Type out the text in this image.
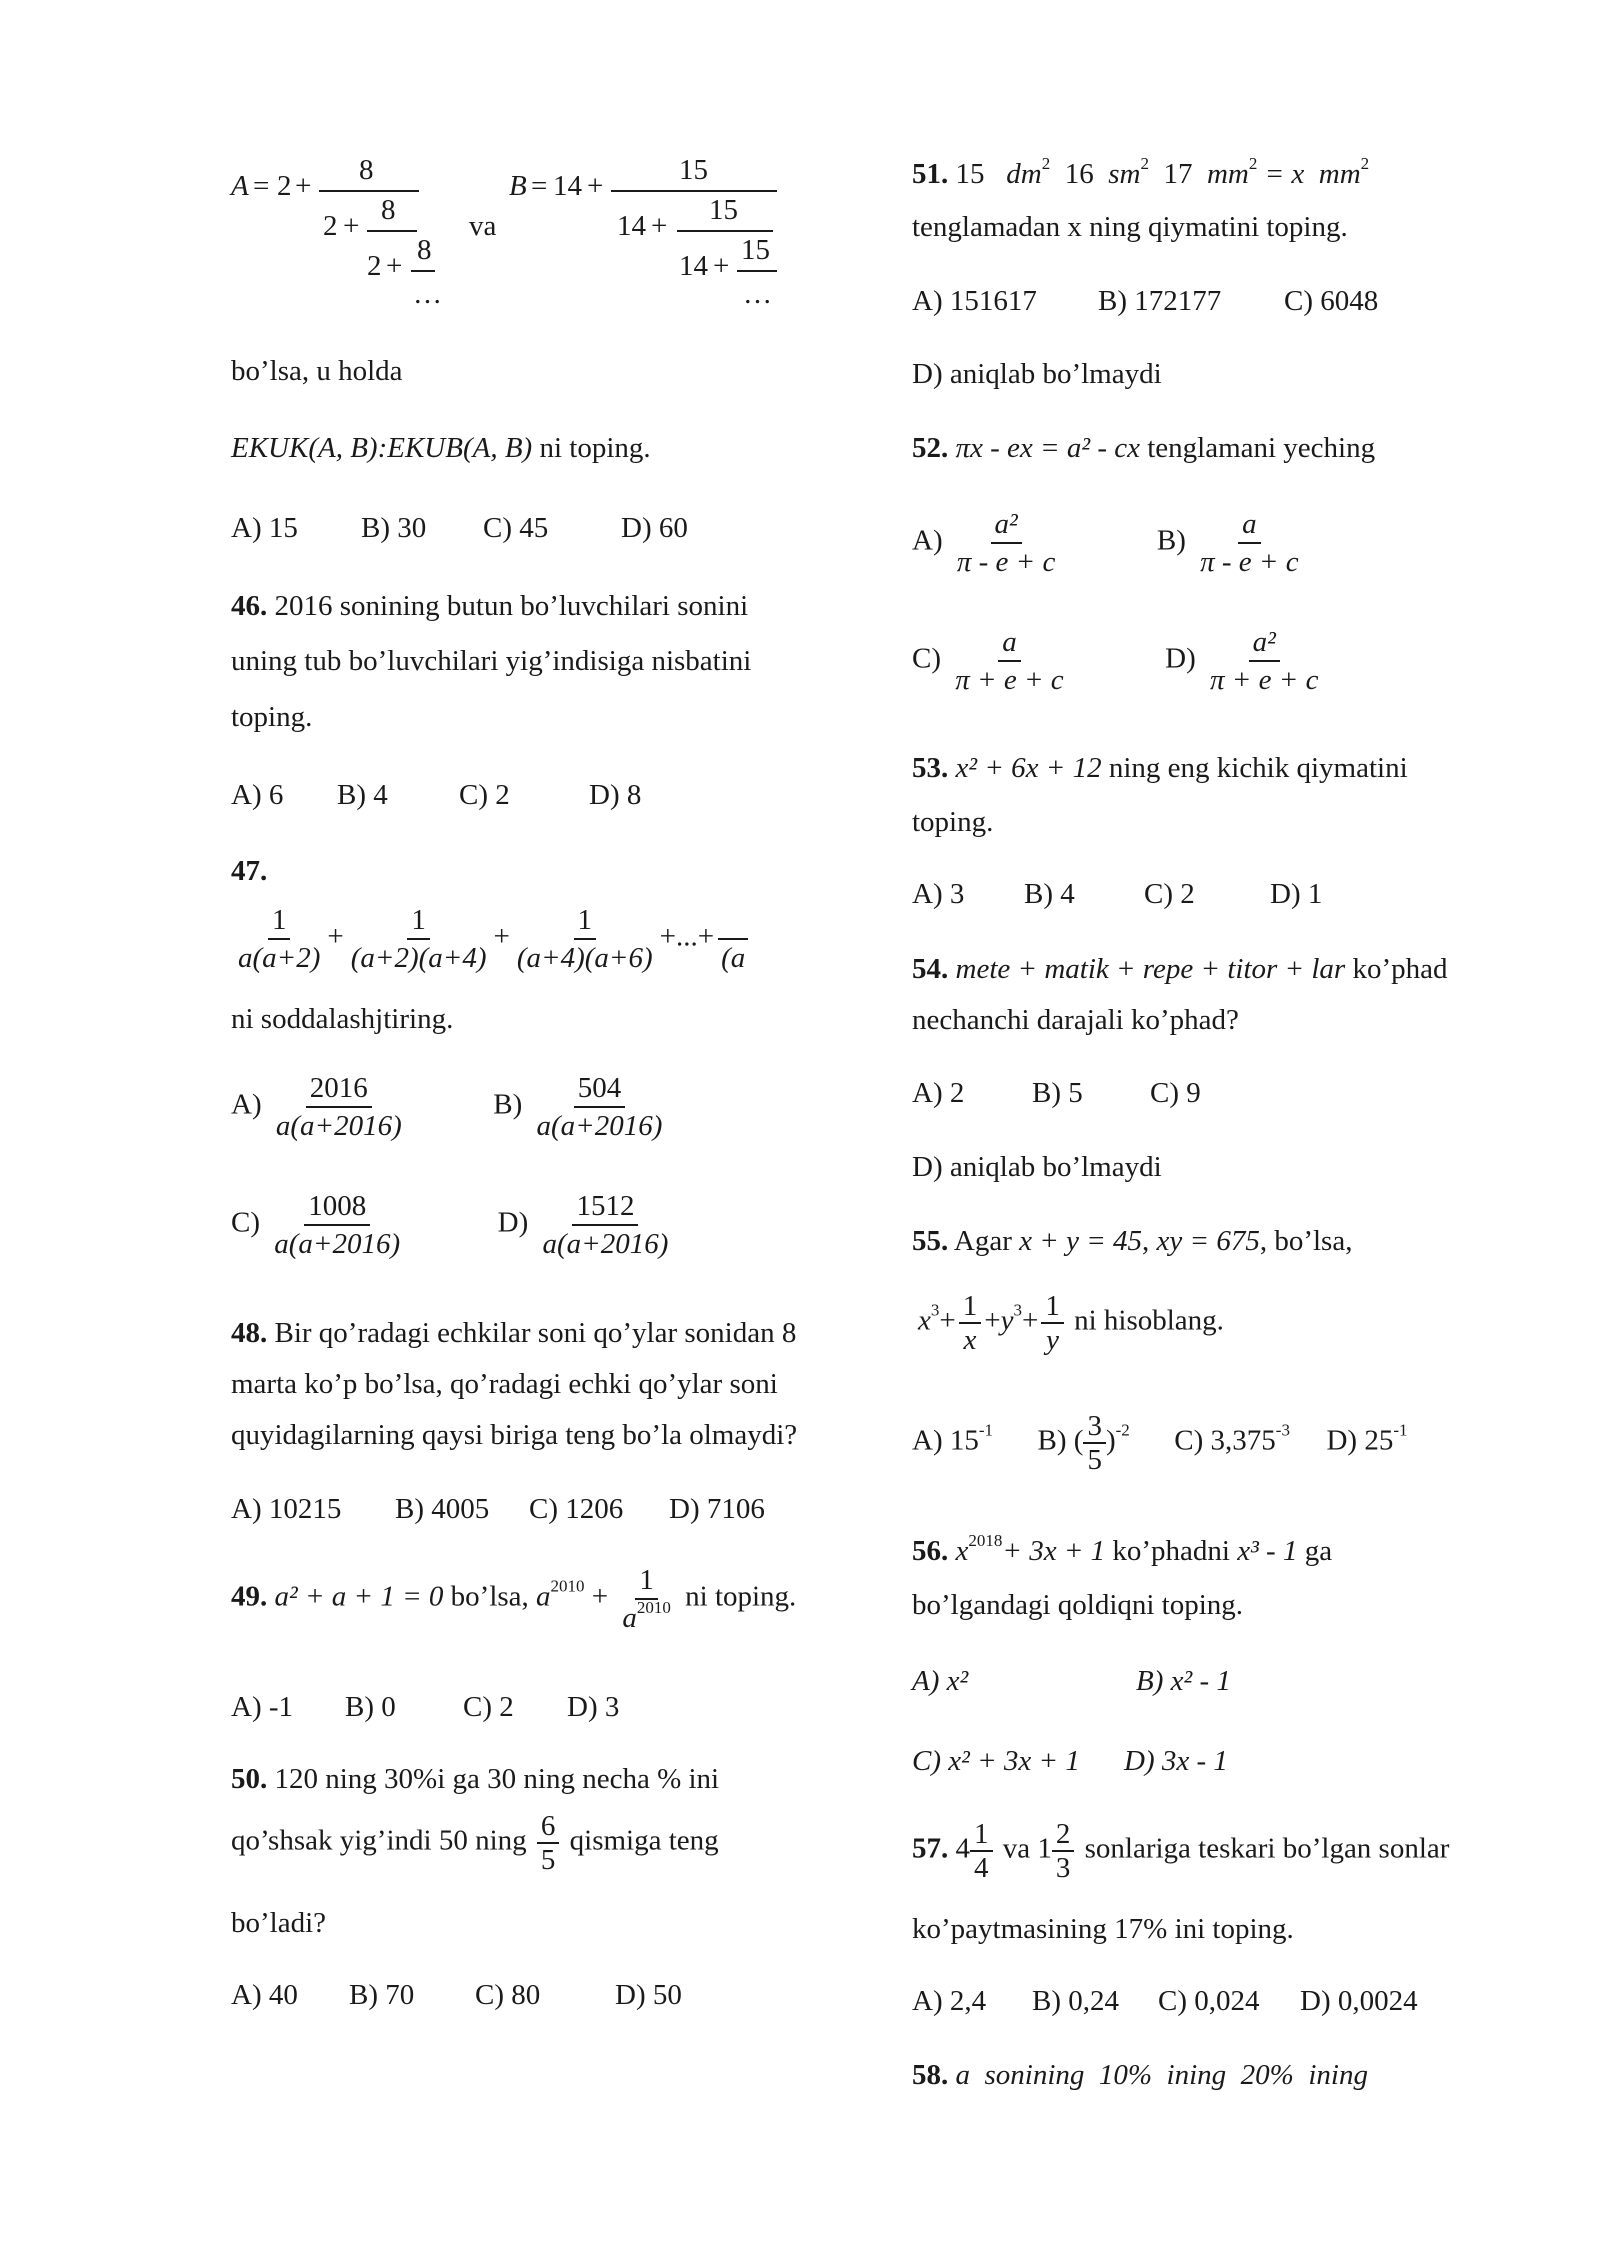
A = 2 + 8
2 + 8
2 + 8
…
va
B = 14 +	15
14 + 15
14 + 15
…
bo’lsa, u holda
EKUK(A, B):EKUB(A, B) ni toping.
A) 15	B) 30	C) 45	D) 60
46. 2016 sonining butun bo’luvchilari sonini
uning tub bo’luvchilari yig’indisiga nisbatini
toping.
A) 6	B) 4	C) 2	D) 8
47.
$\frac{1}{a(a+2)} + \frac{1}{(a+2)(a+4)} + \frac{1}{(a+4)(a+6)}$ +...+

(a
ni soddalashjtiring.
$A) \frac{2016}{a(a+2016)}$	$B) \frac{504}{a(a+2016)}$
$C) \frac{1008}{a(a+2016)}$	$D) \frac{1512}{a(a+2016)}$
48. Bir qo’radagi echkilar soni qo’ylar sonidan 8
marta ko’p bo’lsa, qo’radagi echki qo’ylar soni
quyidagilarning qaysi biriga teng bo’la olmaydi?
A) 10215	B) 4005	C) 1206	D) 7106
49. a² + a + 1 = 0 bo’lsa, $a^{2010} + \frac{1}{a^{2010}}$ ni toping.
A) -1	B) 0	C) 2	D) 3
50. 120 ning 30%i ga 30 ning necha % ini
qo’shsak yig’indi 50 ning $\frac{6}{5}$ qismiga teng
bo’ladi?
A) 40	B) 70	C) 80	D) 50
51. 15 $dm^2$ 16 $sm^2$ 17 $mm^2 = x$ $mm^2$
tenglamadan x ning qiymatini toping.
A) 151617	B) 172177	C) 6048
D) aniqlab bo’lmaydi
52. πx - ex = a² - cx tenglamani yeching
$A) \frac{\text{a²}}{\pi - e + c}$	$B) \frac{a}{\pi - e + c}$
$C) \frac{a}{\pi + e + c}$	$D) \frac{\text{a²}}{\pi + e + c}$
53. x² + 6x + 12 ning eng kichik qiymatini
toping.
A) 3	B) 4	C) 2	D) 1
54. mete + matik + repe + titor + lar ko’phad
nechanchi darajali ko’phad?
A) 2	B) 5	C) 9
D) aniqlab bo’lmaydi
55. Agar x + y = 45, xy = 675, bo’lsa,
$x^3+ \frac{1}{x} +y^3+ \frac{1}{y}$ ni hisoblang.
A) $15^{-1}$ B) ( $\frac{3}{5} )^{-2}$ C) $3,375^{-3}$ D) $25^{-1}$
56. $x^{2018}+ 3x + 1$ ko’phadni x³ - 1 ga
bo’lgandagi qoldiqni toping.
A) x²	B) x² - 1
C) x² + 3x + 1	D) 3x - 1
57. $4 \frac{1}{4}$ va $1 \frac{2}{3}$ sonlariga teskari bo’lgan sonlar
ko’paytmasining 17% ini toping.
A) 2,4	B) 0,24	C) 0,024	D) 0,0024
58. a  sonining  10%  ining  20%  ining
